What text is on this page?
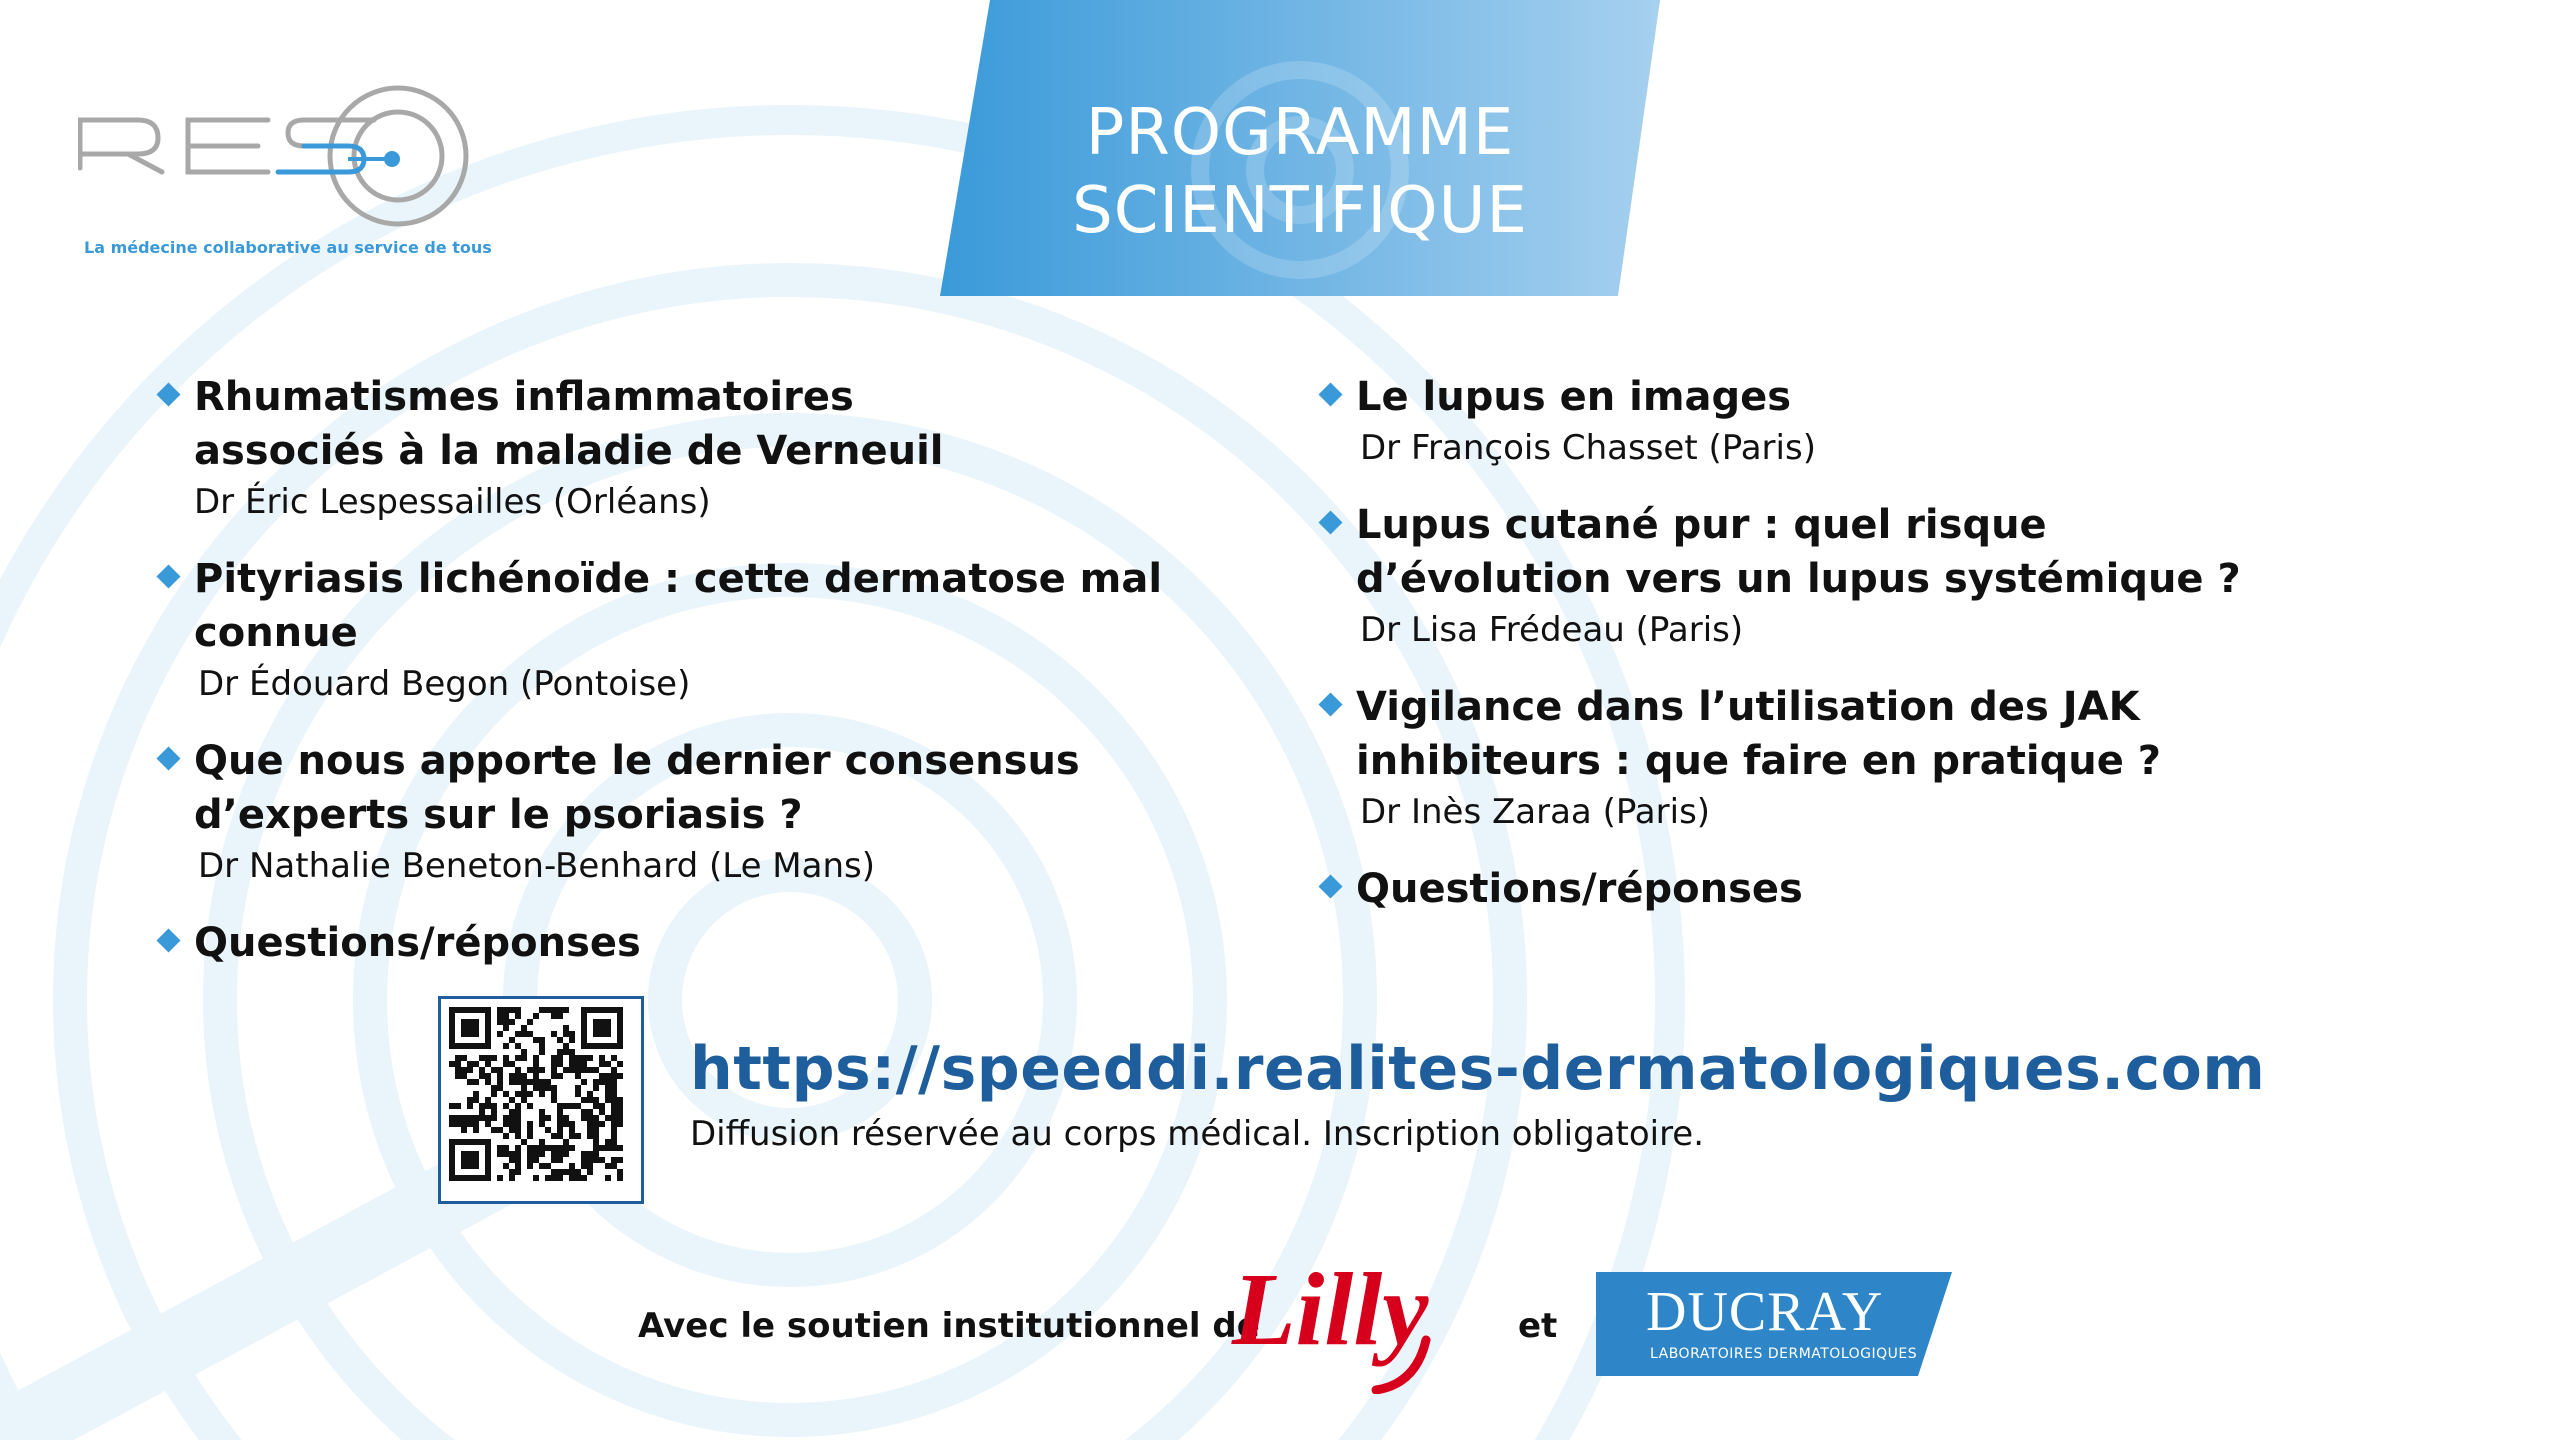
La médecine collaborative au service de tous
PROGRAMME
SCIENTIFIQUE
Rhumatismes inflammatoires associés à la maladie de Verneuil
Dr Éric Lespessailles (Orléans)
Pityriasis lichénoïde : cette dermatose mal connue
Dr Édouard Begon (Pontoise)
Que nous apporte le dernier consensus d’experts sur le psoriasis ?
Dr Nathalie Beneton-Benhard (Le Mans)
Questions/réponses
Le lupus en images
Dr François Chasset (Paris)
Lupus cutané pur : quel risque d’évolution vers un lupus systémique ?
Dr Lisa Frédeau (Paris)
Vigilance dans l’utilisation des JAK inhibiteurs : que faire en pratique ?
Dr Inès Zaraa (Paris)
Questions/réponses
https://speeddi.realites-dermatologiques.com
Diffusion réservée au corps médical. Inscription obligatoire.
Avec le soutien institutionnel de
Lilly	et DUCRAY
LABORATOIRES DERMATOLOGIQUES
